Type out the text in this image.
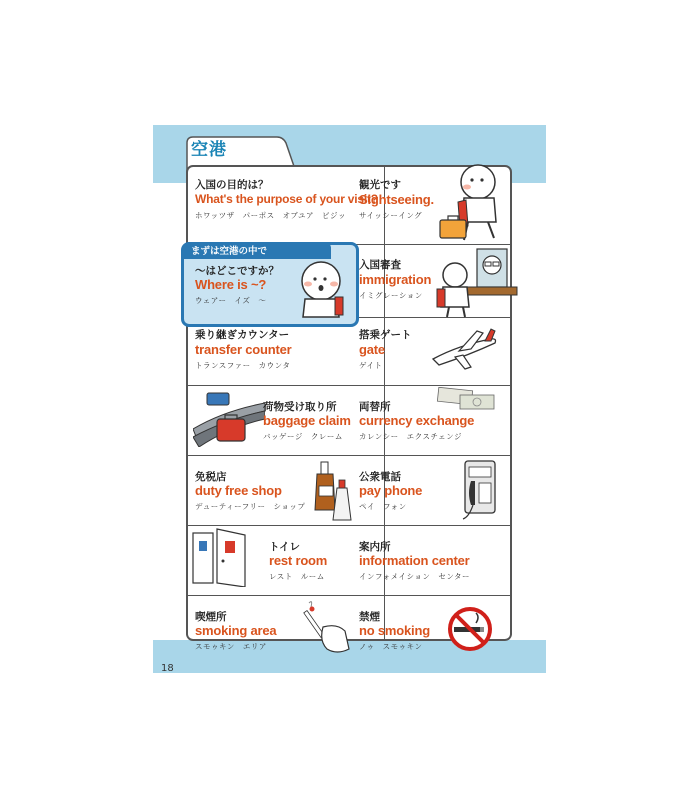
空港
入国の目的は？
What's the purpose of your visit?
ホワッツザ　パーポス　オブユア　ビジッ
観光です
Sightseeing.
サイッシーイング
まずは空港の中で
～はどこですか？
Where is ~?
ウェアー　イズ　～
入国審査
immigration
イミグレーション
乗り継ぎカウンター
transfer counter
トランスファー　カウンタ
搭乗ゲート
gate
ゲイト
荷物受け取り所
baggage claim
バッゲージ　クレーム
両替所
currency exchange
カレンシー　エクスチェンジ
免税店
duty free shop
デューティーフリー　ショップ
公衆電話
pay phone
ペイ　フォン
トイレ
rest room
レスト　ルーム
案内所
information center
インフォメイション　センター
喫煙所
smoking area
スモゥキン　エリア
禁煙
no smoking
ノゥ　スモゥキン
18
